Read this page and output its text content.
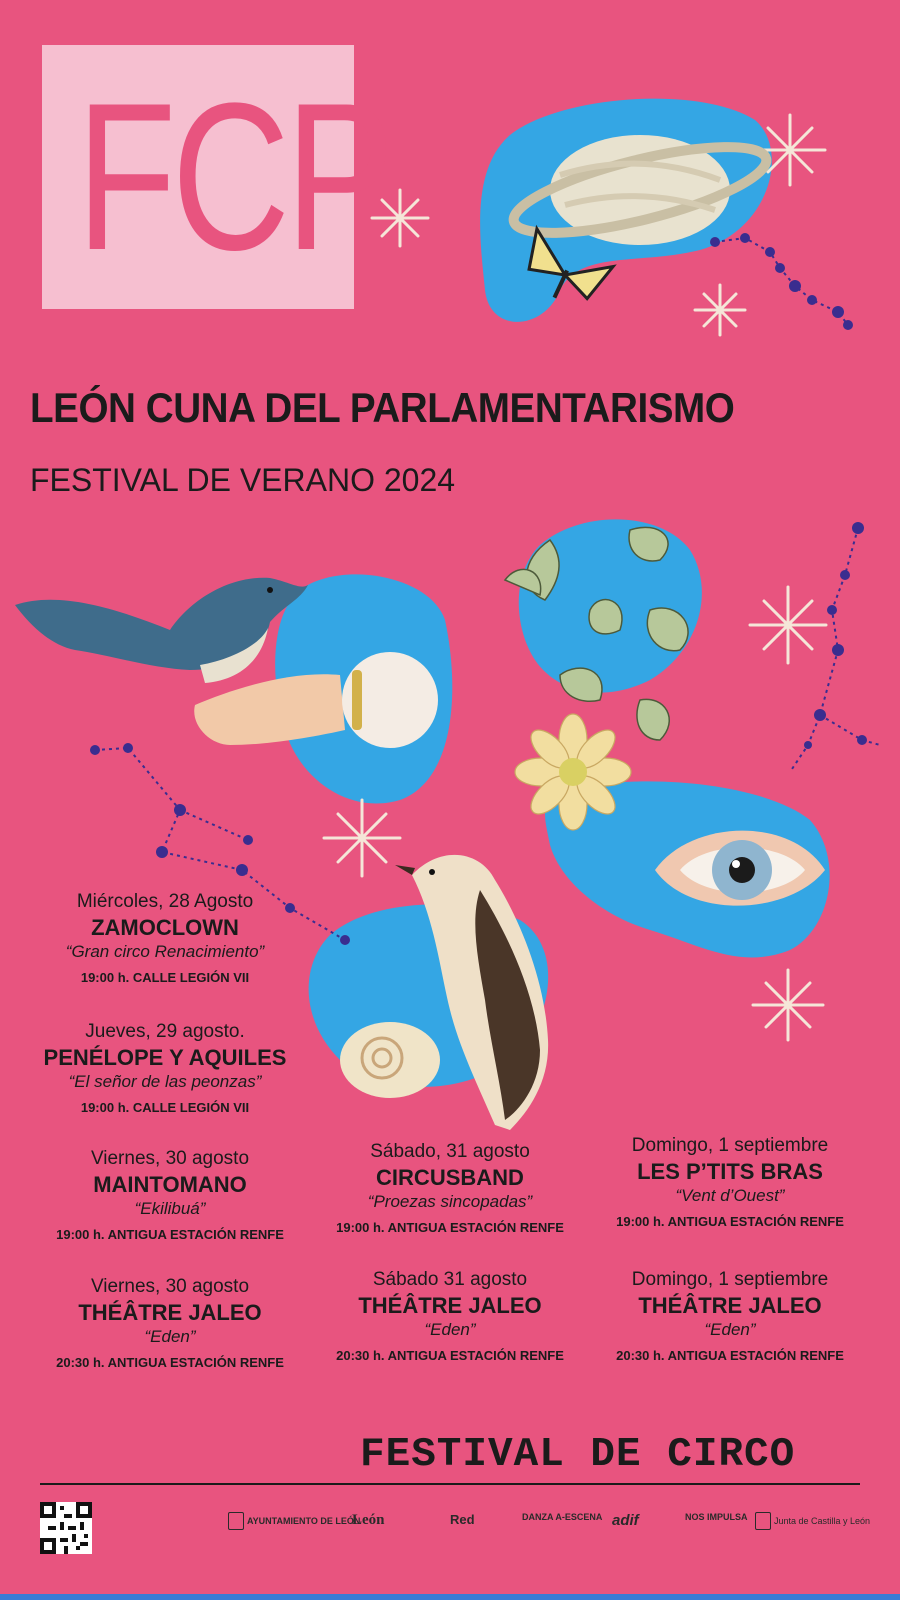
FCP
LEÓN CUNA DEL PARLAMENTARISMO
FESTIVAL DE VERANO 2024
Miércoles, 28 Agosto
ZAMOCLOWN
“Gran circo Renacimiento”
19:00 h. CALLE LEGIÓN VII
Jueves, 29 agosto.
PENÉLOPE Y AQUILES
“El señor de las peonzas”
19:00 h. CALLE LEGIÓN VII
Viernes, 30 agosto
MAINTOMANO
“Ekilibuá”
19:00 h. ANTIGUA ESTACIÓN RENFE
Sábado, 31 agosto
CIRCUSBAND
“Proezas sincopadas”
19:00 h. ANTIGUA ESTACIÓN RENFE
Domingo, 1 septiembre
LES P’TITS BRAS
“Vent d’Ouest”
19:00 h. ANTIGUA ESTACIÓN RENFE
Viernes, 30 agosto
THÉÂTRE JALEO
“Eden”
20:30 h. ANTIGUA ESTACIÓN RENFE
Sábado 31 agosto
THÉÂTRE JALEO
“Eden”
20:30 h. ANTIGUA ESTACIÓN RENFE
Domingo, 1 septiembre
THÉÂTRE JALEO
“Eden”
20:30 h. ANTIGUA ESTACIÓN RENFE
FESTIVAL DE CIRCO
AYUNTAMIENTO DE LEÓN
León	Red	DANZA A-ESCENA adif	NOS IMPULSA	Junta de Castilla y León
